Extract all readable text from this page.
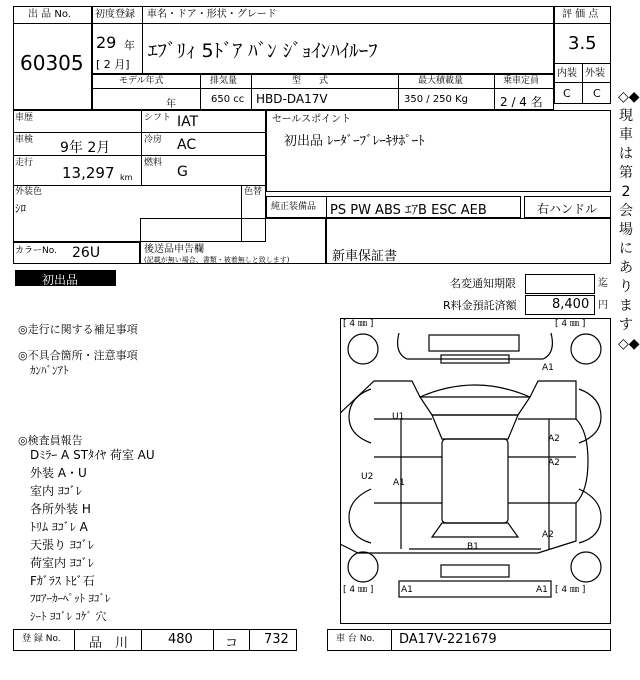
出 品 No.
60305
初度登録 車名・ドア・形状・グレード
29 年
[ 2 月]
ｴﾌﾞﾘｨ 5ﾄﾞｱ ﾊﾞﾝ ｼﾞｮｲﾝﾊｲﾙｰﾌ
評 価 点
3.5
内装 外装
C C
モデル年式	排気量	型　　式	最大積載量	乗車定員
年	650 cc HBD-DA17V	350 / 250 Kg	2 / 4 名
車歴
車検 9年 2月
走行
13,297 km
シフト IAT
冷房 AC
燃料
G
外装色
ｼﾛ
色替
セールスポイント
初出品 ﾚｰﾀﾞｰﾌﾞﾚｰｷｻﾎﾟｰﾄ
純正装備品 PS PW ABS ｴｱB ESC AEB	右ハンドル
カラーNo. 26U	後送品申告欄
(記載が無い場合、書類・被着無しと致します)	新車保証書
初出品	名変通知期限	迄
R料金預託済額	8,400 円
◎走行に関する補足事項
◎不具合箇所・注意事項
ｶﾝﾊﾞﾝｱﾄ
◎検査員報告
Dﾐﾗｰ A STﾀｲﾔ 荷室 AU
外装 A・U
室内 ﾖｺﾞﾚ
各所外装 H
ﾄﾘﾑ ﾖｺﾞﾚ A
天張り ﾖｺﾞﾚ
荷室内 ﾖｺﾞﾚ
Fｶﾞﾗｽ ﾄﾋﾞ石
ﾌﾛｱｰｶｰﾍﾟｯﾄ ﾖｺﾞﾚ
ｼｰﾄ ﾖｺﾞﾚ ｺｹﾞ 穴
[ 4 ㎜ ]	[ 4 ㎜ ]
[ 4 ㎜ ]	[ 4 ㎜ ]
A1
U1
A2
A2
U2
A1
B1
A2
A1	A1
登 録 No. 品　川	480 コ 732	車 台 No. DA17V-221679
◇◆現車は第2会場にあります◇◆
